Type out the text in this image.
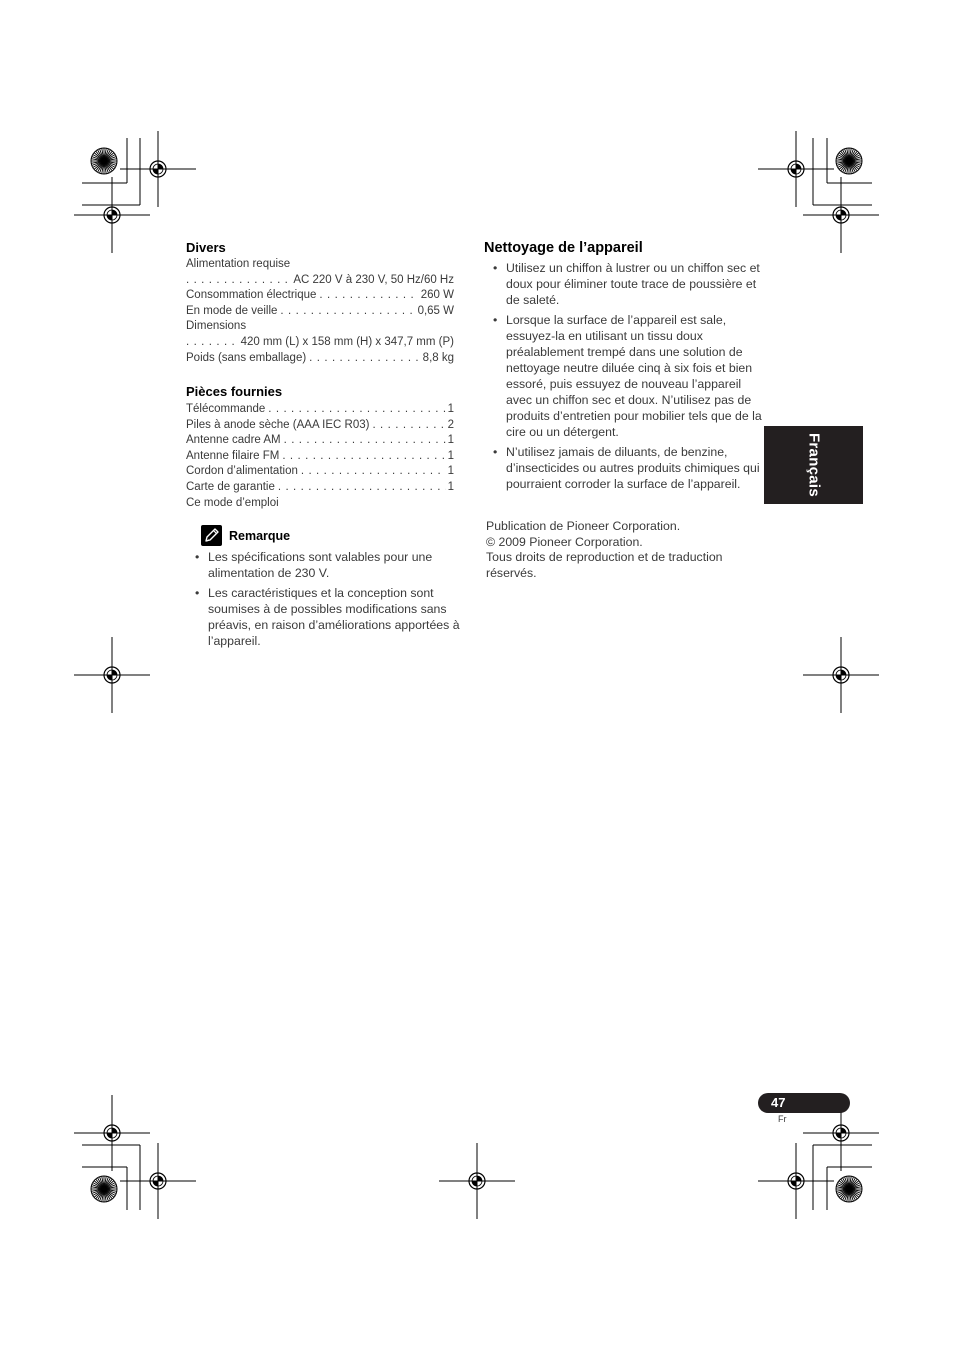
Divers
Alimentation requise
. . .
AC 220 V à 230 V, 50 Hz/60 Hz
Consommation électrique . . .	260 W
En mode de veille . . .	0,65 W
Dimensions
. . .
420 mm (L) x 158 mm (H) x 347,7 mm (P)
Poids (sans emballage) . . .	8,8 kg
Pièces fournies
Télécommande . . .	1
Piles à anode sèche (AAA IEC R03) . . .	2
Antenne cadre AM . . .	1
Antenne filaire FM . . .	1
Cordon d’alimentation . . .	1
Carte de garantie . . .	1
Ce mode d’emploi
Remarque
• Les spécifications sont valables pour une alimentation de 230 V.
• Les caractéristiques et la conception sont soumises à de possibles modifications sans préavis, en raison d’améliorations apportées à l’appareil.
Nettoyage de l’appareil
• Utilisez un chiffon à lustrer ou un chiffon sec et doux pour éliminer toute trace de poussière et de saleté.
• Lorsque la surface de l’appareil est sale, essuyez-la en utilisant un tissu doux préalablement trempé dans une solution de nettoyage neutre diluée cinq à six fois et bien essoré, puis essuyez de nouveau l’appareil avec un chiffon sec et doux. N’utilisez pas de produits d’entretien pour mobilier tels que de la cire ou un détergent.
• N’utilisez jamais de diluants, de benzine, d’insecticides ou autres produits chimiques qui pourraient corroder la surface de l’appareil.
Publication de Pioneer Corporation.
© 2009 Pioneer Corporation.
Tous droits de reproduction et de traduction
réservés.
Français
47
Fr
